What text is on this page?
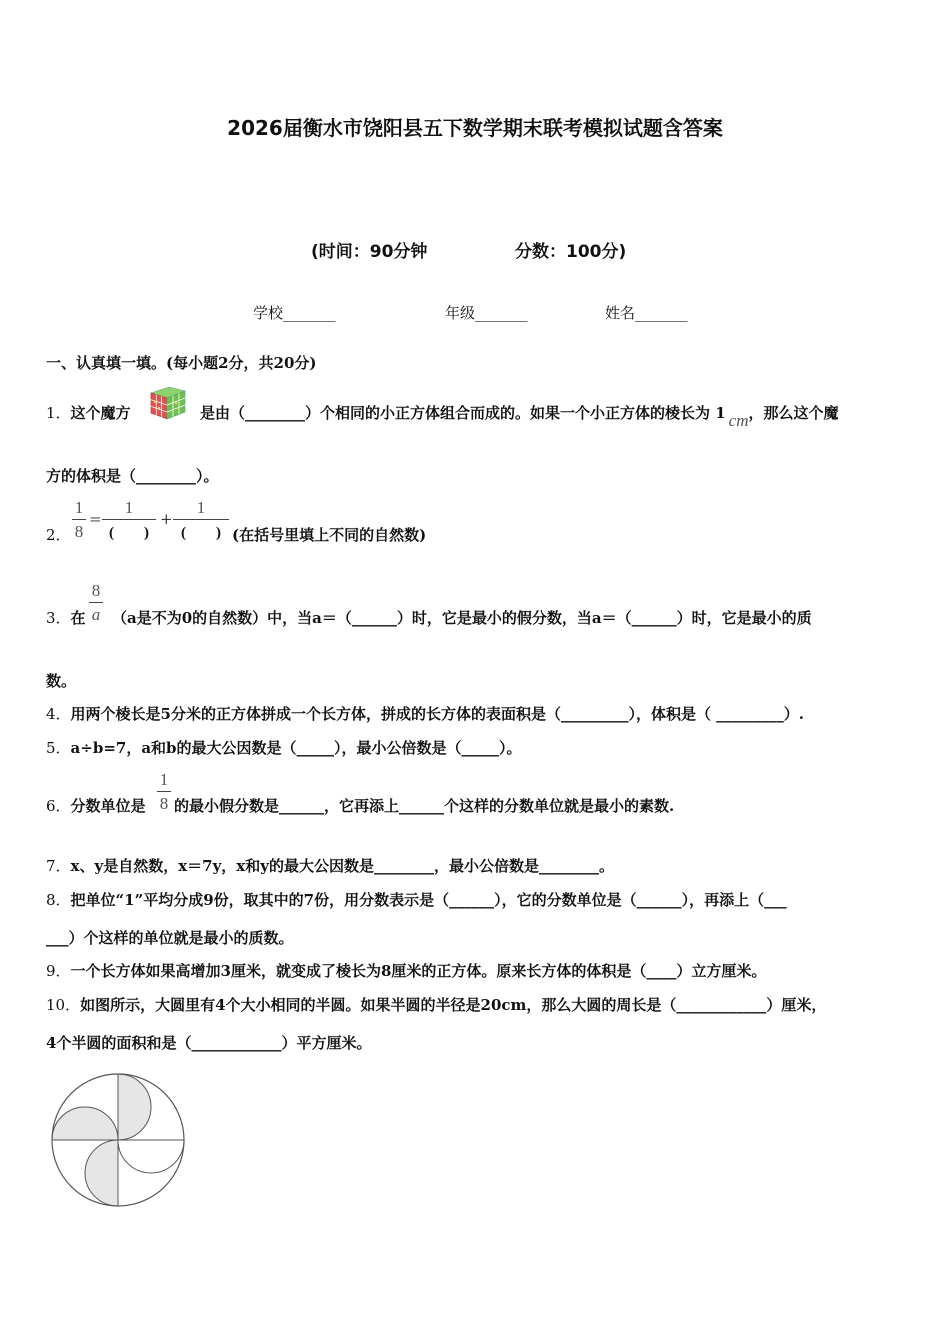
2026届衡水市饶阳县五下数学期末联考模拟试题含答案
(时间：90分钟	分数：100分)
学校_______	年级_______	姓名_______
一、认真填一填。(每小题2分，共20分)
1．这个魔方	是由（________）个相同的小正方体组合而成的。如果一个小正方体的棱长为 1 cm，那么这个魔
方的体积是（________）。
2．
1
8
=
1
(　　)
+
1
(　　) (在括号里填上不同的自然数)
3．在
8
a （a是不为0的自然数）中，当a＝（______）时，它是最小的假分数，当a＝（______）时，它是最小的质
数。
4．用两个棱长是5分米的正方体拼成一个长方体，拼成的长方体的表面积是（_________），体积是（ _________）.
5．a÷b=7，a和b的最大公因数是（_____），最小公倍数是（_____）。
6．分数单位是
1
8 的最小假分数是______，它再添上______个这样的分数单位就是最小的素数.
7．x、y是自然数，x＝7y，x和y的最大公因数是________，最小公倍数是________。
8．把单位“1”平均分成9份，取其中的7份，用分数表示是（______），它的分数单位是（______），再添上（___
___）个这样的单位就是最小的质数。
9．一个长方体如果高增加3厘米，就变成了棱长为8厘米的正方体。原来长方体的体积是（____）立方厘米。
10．如图所示，大圆里有4个大小相同的半圆。如果半圆的半径是20cm，那么大圆的周长是（____________）厘米，
4个半圆的面积和是（____________）平方厘米。
